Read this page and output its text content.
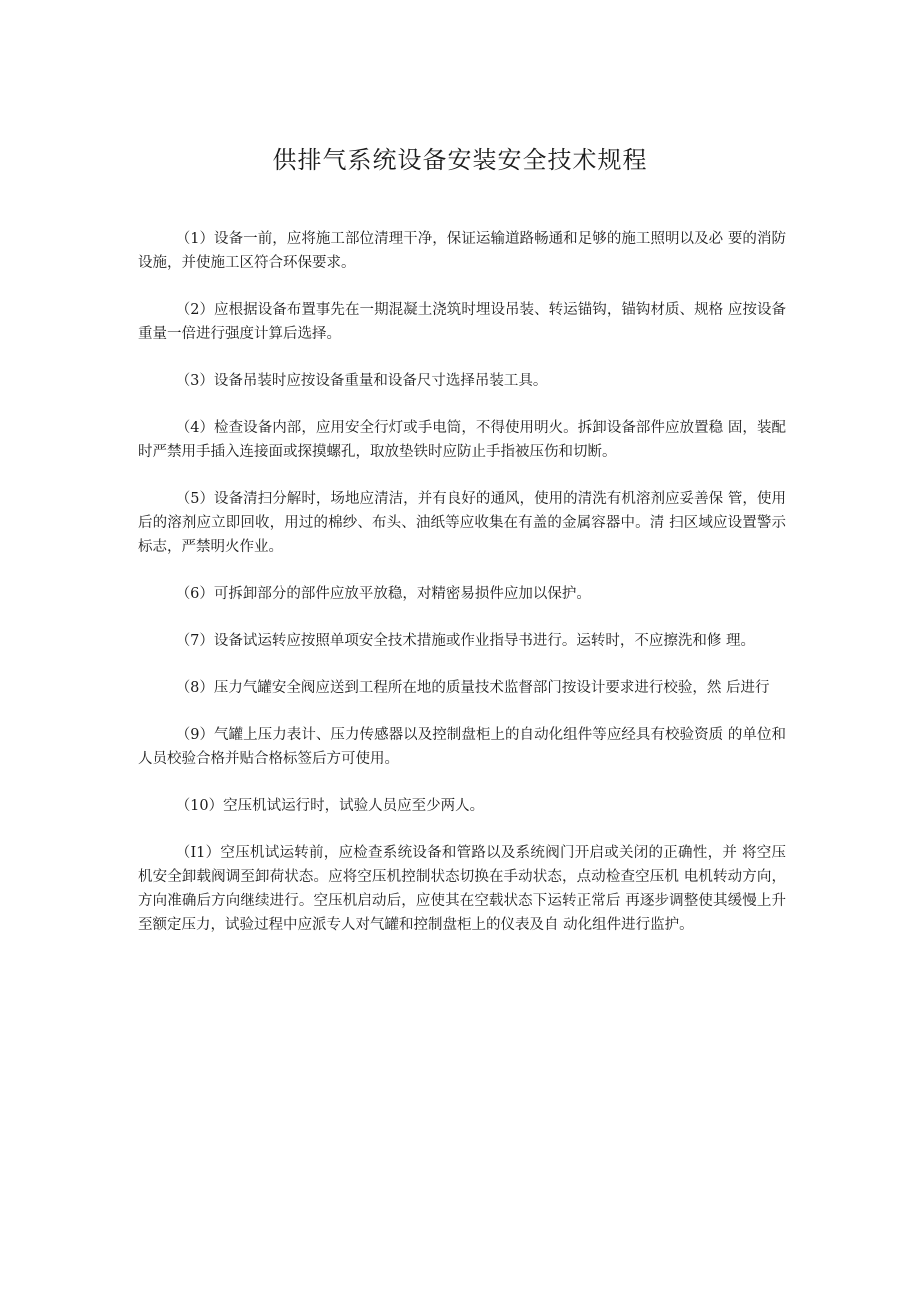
供排气系统设备安装安全技术规程

（1）设备一前，应将施工部位清理干净，保证运输道路畅通和足够的施工照明以及必 要的消防设施，并使施工区符合环保要求。

（2）应根据设备布置事先在一期混凝土浇筑时埋设吊装、转运锚钩，锚钩材质、规格 应按设备重量一倍进行强度计算后选择。

（3）设备吊装时应按设备重量和设备尺寸选择吊装工具。

（4）检查设备内部，应用安全行灯或手电筒，不得使用明火。拆卸设备部件应放置稳 固，装配时严禁用手插入连接面或探摸螺孔，取放垫铁时应防止手指被压伤和切断。

（5）设备清扫分解时，场地应清洁，并有良好的通风，使用的清洗有机溶剂应妥善保 管，使用后的溶剂应立即回收，用过的棉纱、布头、油纸等应收集在有盖的金属容器中。清 扫区域应设置警示标志，严禁明火作业。

（6）可拆卸部分的部件应放平放稳，对精密易损件应加以保护。

（7）设备试运转应按照单项安全技术措施或作业指导书进行。运转时，不应擦洗和修 理。

（8）压力气罐安全阀应送到工程所在地的质量技术监督部门按设计要求进行校验，然 后进行

（9）气罐上压力表计、压力传感器以及控制盘柜上的自动化组件等应经具有校验资质 的单位和人员校验合格并贴合格标签后方可使用。

（10）空压机试运行时，试验人员应至少两人。

（I1）空压机试运转前，应检查系统设备和管路以及系统阀门开启或关闭的正确性，并 将空压机安全卸载阀调至卸荷状态。应将空压机控制状态切换在手动状态，点动检查空压机 电机转动方向，方向准确后方向继续进行。空压机启动后，应使其在空载状态下运转正常后 再逐步调整使其缓慢上升至额定压力，试验过程中应派专人对气罐和控制盘柜上的仪表及自 动化组件进行监护。
